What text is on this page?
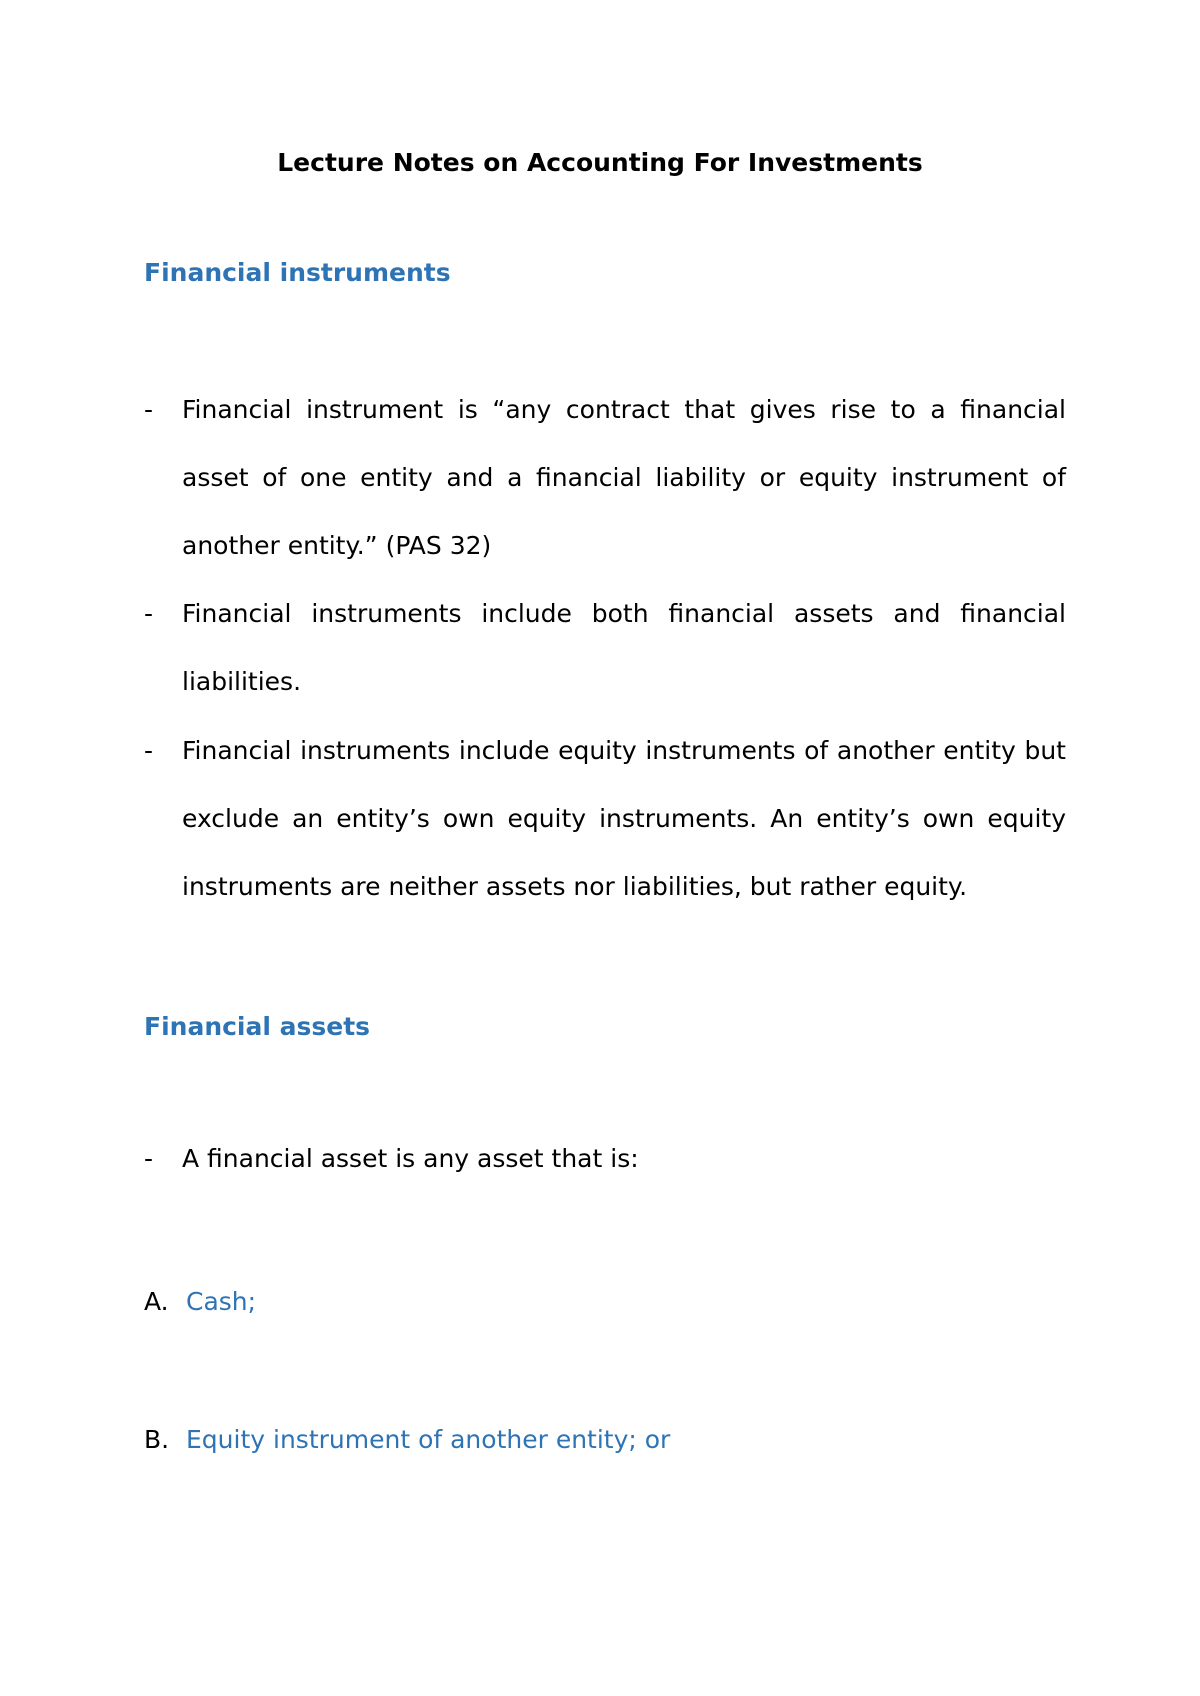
Lecture Notes on Accounting For Investments
Financial instruments
- Financial instrument is “any contract that gives rise to a financial asset of one entity and a financial liability or equity instrument of another entity.” (PAS 32)
- Financial instruments include both financial assets and financial liabilities.
- Financial instruments include equity instruments of another entity but exclude an entity’s own equity instruments. An entity’s own equity instruments are neither assets nor liabilities, but rather equity.
Financial assets
- A financial asset is any asset that is:
A. Cash;
B. Equity instrument of another entity; or
